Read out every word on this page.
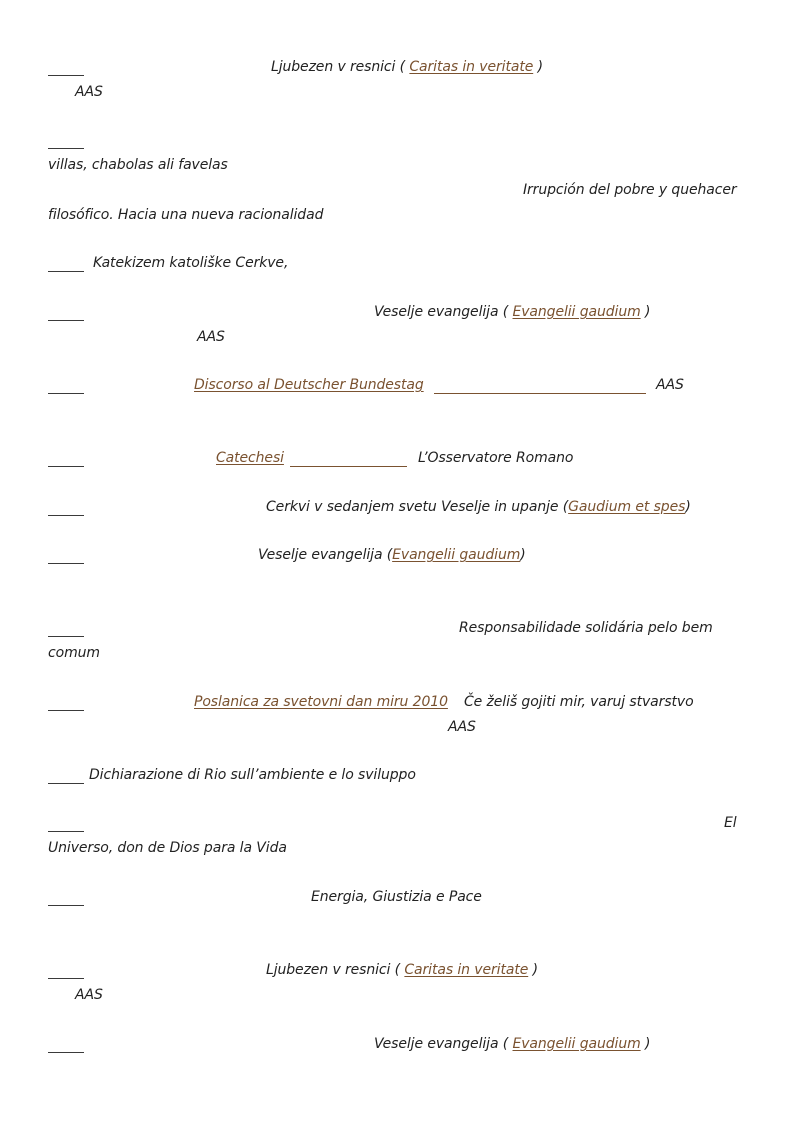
Ljubezen v resnici ( Caritas in veritate )
AAS
villas, chabolas ali favelas
Irrupción del pobre y quehacer
filosófico. Hacia una nueva racionalidad
Katekizem katoliške Cerkve,
Veselje evangelija ( Evangelii gaudium )
AAS
Discorso al Deutscher Bundestag	AAS
Catechesi	L’Osservatore Romano
Cerkvi v sedanjem svetu Veselje in upanje (Gaudium et spes)
Veselje evangelija (Evangelii gaudium)
Responsabilidade solidária pelo bem
comum
Poslanica za svetovni dan miru 2010 Če želiš gojiti mir, varuj stvarstvo
AAS
Dichiarazione di Rio sull’ambiente e lo sviluppo
El
Universo, don de Dios para la Vida
Energia, Giustizia e Pace
Ljubezen v resnici ( Caritas in veritate )
AAS
Veselje evangelija ( Evangelii gaudium )
